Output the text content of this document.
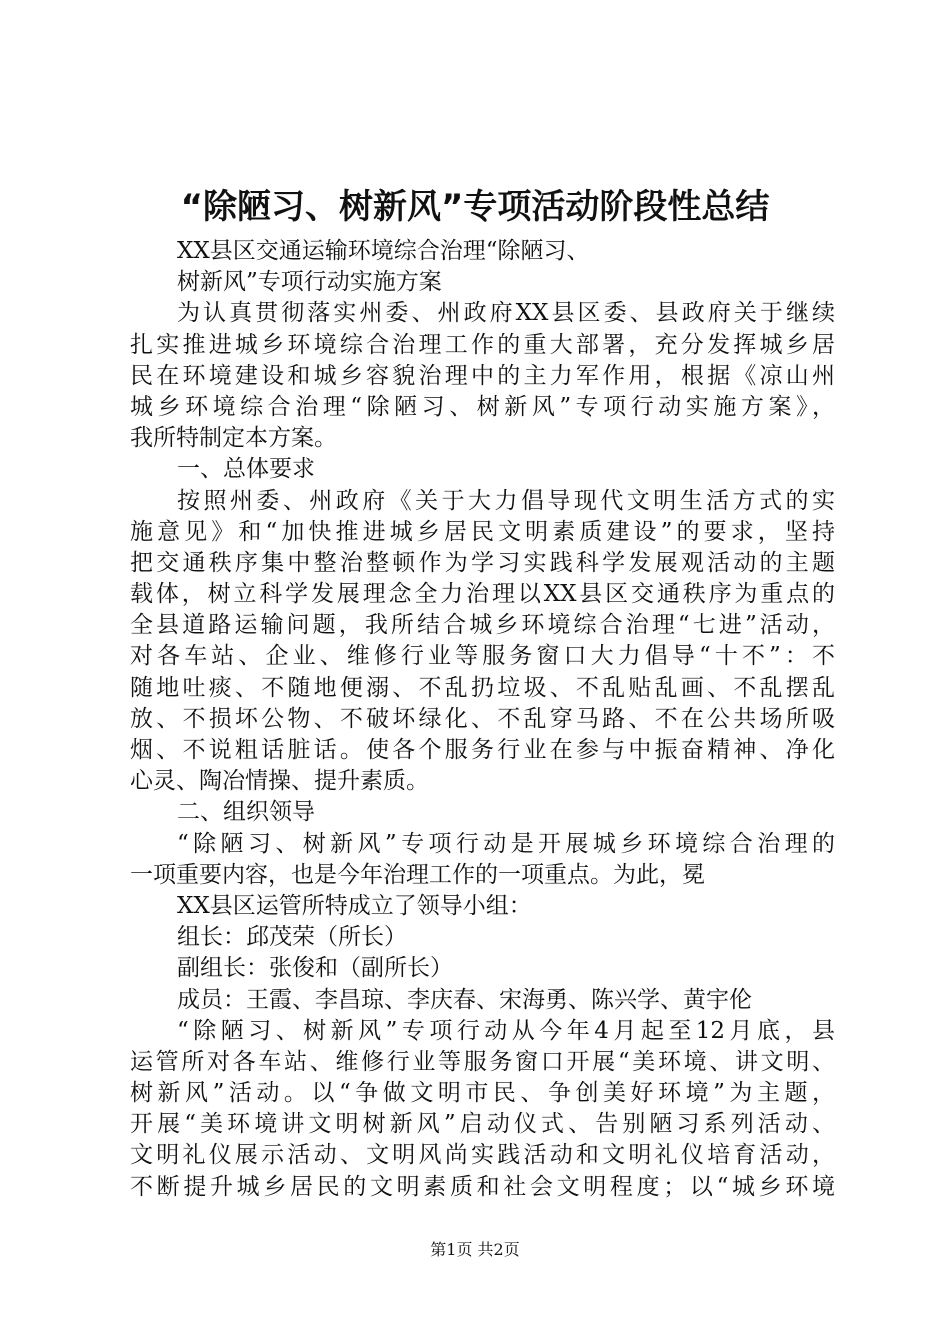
“除陋习、树新风”专项活动阶段性总结
XX县区交通运输环境综合治理“除陋习、
树新风”专项行动实施方案
为认真贯彻落实州委、州政府XX县区委、县政府关于继续
扎实推进城乡环境综合治理工作的重大部署，充分发挥城乡居
民在环境建设和城乡容貌治理中的主力军作用，根据《凉山州
城乡环境综合治理“除陋习、树新风”专项行动实施方案》，
我所特制定本方案。
一、总体要求
按照州委、州政府《关于大力倡导现代文明生活方式的实
施意见》和“加快推进城乡居民文明素质建设”的要求，坚持
把交通秩序集中整治整顿作为学习实践科学发展观活动的主题
载体，树立科学发展理念全力治理以XX县区交通秩序为重点的
全县道路运输问题，我所结合城乡环境综合治理“七进”活动，
对各车站、企业、维修行业等服务窗口大力倡导“十不”：不
随地吐痰、不随地便溺、不乱扔垃圾、不乱贴乱画、不乱摆乱
放、不损坏公物、不破坏绿化、不乱穿马路、不在公共场所吸
烟、不说粗话脏话。使各个服务行业在参与中振奋精神、净化
心灵、陶冶情操、提升素质。
二、组织领导
“除陋习、树新风”专项行动是开展城乡环境综合治理的
一项重要内容，也是今年治理工作的一项重点。为此，冕
XX县区运管所特成立了领导小组：
组长：邱茂荣（所长）
副组长：张俊和（副所长）
成员：王霞、李昌琼、李庆春、宋海勇、陈兴学、黄宇伦
“除陋习、树新风”专项行动从今年4月起至12月底，县
运管所对各车站、维修行业等服务窗口开展“美环境、讲文明、
树新风”活动。以“争做文明市民、争创美好环境”为主题，
开展“美环境讲文明树新风”启动仪式、告别陋习系列活动、
文明礼仪展示活动、文明风尚实践活动和文明礼仪培育活动，
不断提升城乡居民的文明素质和社会文明程度；以“城乡环境
第1页 共2页
